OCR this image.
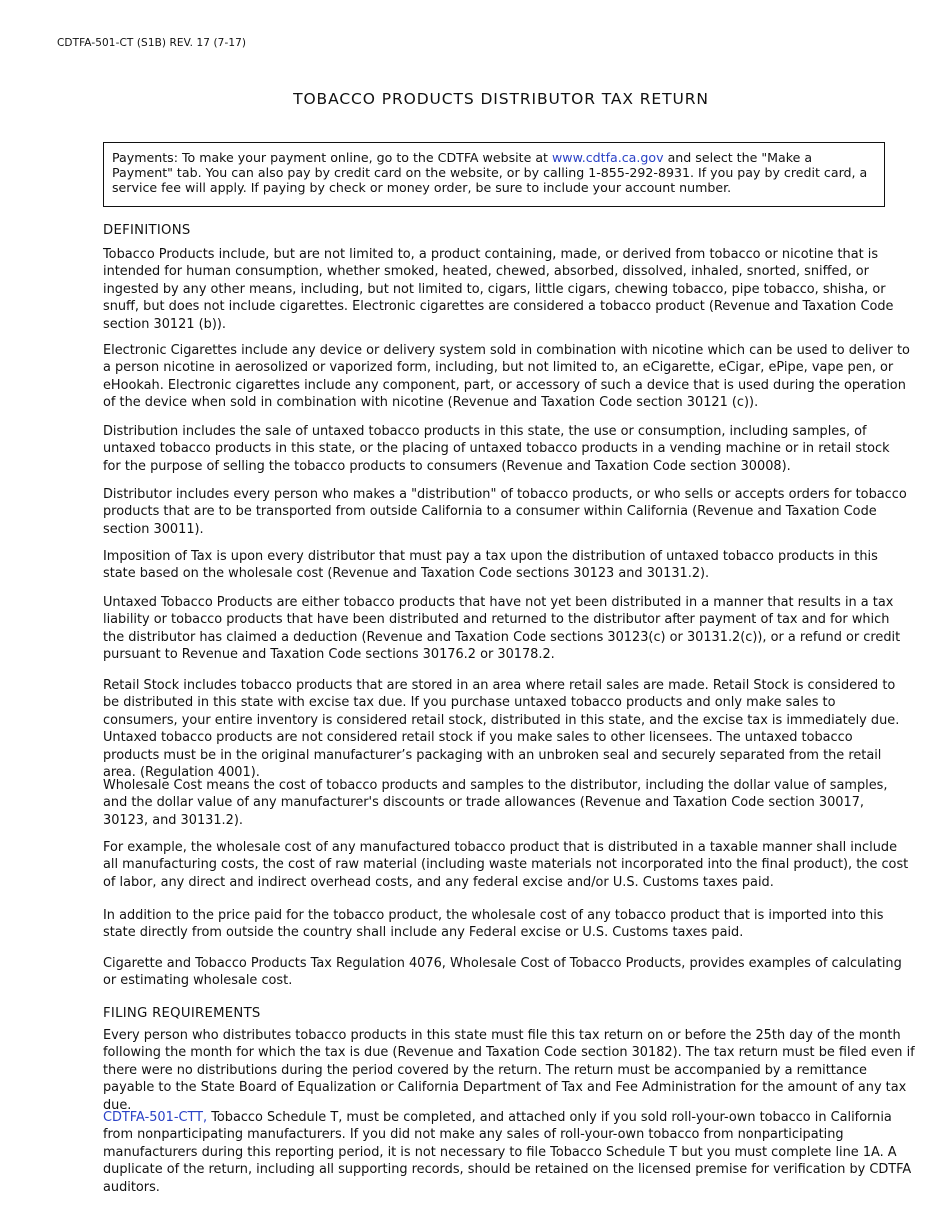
CDTFA-501-CT (S1B) REV. 17 (7-17)
TOBACCO PRODUCTS DISTRIBUTOR TAX RETURN
Payments: To make your payment online, go to the CDTFA website at www.cdtfa.ca.gov and select the "Make a Payment" tab. You can also pay by credit card on the website, or by calling 1-855-292-8931. If you pay by credit card, a service fee will apply. If paying by check or money order, be sure to include your account number.
DEFINITIONS

Tobacco Products include, but are not limited to, a product containing, made, or derived from tobacco or nicotine that is intended for human consumption, whether smoked, heated, chewed, absorbed, dissolved, inhaled, snorted, sniffed, or ingested by any other means, including, but not limited to, cigars, little cigars, chewing tobacco, pipe tobacco, shisha, or snuff, but does not include cigarettes. Electronic cigarettes are considered a tobacco product (Revenue and Taxation Code section 30121 (b)).

Electronic Cigarettes include any device or delivery system sold in combination with nicotine which can be used to deliver to a person nicotine in aerosolized or vaporized form, including, but not limited to, an eCigarette, eCigar, ePipe, vape pen, or eHookah. Electronic cigarettes include any component, part, or accessory of such a device that is used during the operation of the device when sold in combination with nicotine (Revenue and Taxation Code section 30121 (c)).

Distribution includes the sale of untaxed tobacco products in this state, the use or consumption, including samples, of untaxed tobacco products in this state, or the placing of untaxed tobacco products in a vending machine or in retail stock for the purpose of selling the tobacco products to consumers (Revenue and Taxation Code section 30008).

Distributor includes every person who makes a "distribution" of tobacco products, or who sells or accepts orders for tobacco products that are to be transported from outside California to a consumer within California (Revenue and Taxation Code section 30011).

Imposition of Tax is upon every distributor that must pay a tax upon the distribution of untaxed tobacco products in this state based on the wholesale cost (Revenue and Taxation Code sections 30123 and 30131.2).

Untaxed Tobacco Products are either tobacco products that have not yet been distributed in a manner that results in a tax liability or tobacco products that have been distributed and returned to the distributor after payment of tax and for which the distributor has claimed a deduction (Revenue and Taxation Code sections 30123(c) or 30131.2(c)), or a refund or credit pursuant to Revenue and Taxation Code sections 30176.2 or 30178.2.

Retail Stock includes tobacco products that are stored in an area where retail sales are made. Retail Stock is considered to be distributed in this state with excise tax due. If you purchase untaxed tobacco products and only make sales to consumers, your entire inventory is considered retail stock, distributed in this state, and the excise tax is immediately due. Untaxed tobacco products are not considered retail stock if you make sales to other licensees. The untaxed tobacco products must be in the original manufacturer’s packaging with an unbroken seal and securely separated from the retail area. (Regulation 4001).

Wholesale Cost means the cost of tobacco products and samples to the distributor, including the dollar value of samples, and the dollar value of any manufacturer's discounts or trade allowances (Revenue and Taxation Code section 30017, 30123, and 30131.2).

For example, the wholesale cost of any manufactured tobacco product that is distributed in a taxable manner shall include all manufacturing costs, the cost of raw material (including waste materials not incorporated into the final product), the cost of labor, any direct and indirect overhead costs, and any federal excise and/or U.S. Customs taxes paid.

In addition to the price paid for the tobacco product, the wholesale cost of any tobacco product that is imported into this state directly from outside the country shall include any Federal excise or U.S. Customs taxes paid.

Cigarette and Tobacco Products Tax Regulation 4076, Wholesale Cost of Tobacco Products, provides examples of calculating or estimating wholesale cost.

FILING REQUIREMENTS

Every person who distributes tobacco products in this state must file this tax return on or before the 25th day of the month following the month for which the tax is due (Revenue and Taxation Code section 30182). The tax return must be filed even if there were no distributions during the period covered by the return. The return must be accompanied by a remittance payable to the State Board of Equalization or California Department of Tax and Fee Administration for the amount of any tax due.

CDTFA-501-CTT, Tobacco Schedule T, must be completed, and attached only if you sold roll-your-own tobacco in California from nonparticipating manufacturers. If you did not make any sales of roll-your-own tobacco from nonparticipating manufacturers during this reporting period, it is not necessary to file Tobacco Schedule T but you must complete line 1A. A duplicate of the return, including all supporting records, should be retained on the licensed premise for verification by CDTFA auditors.
